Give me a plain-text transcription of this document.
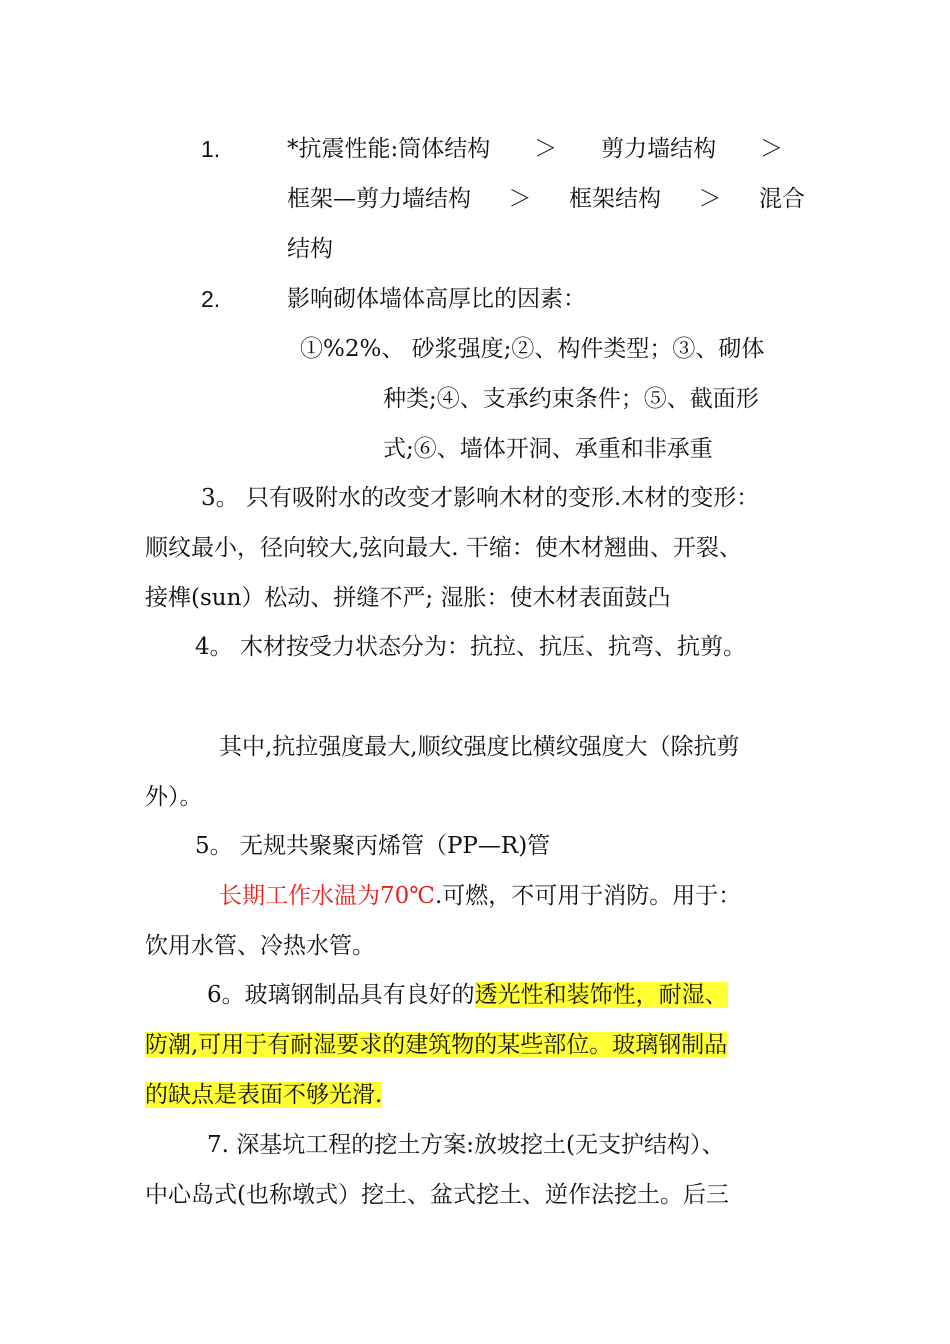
1.	*抗震性能:筒体结构 ＞ 剪力墙结构 ＞
框架—剪力墙结构 ＞ 框架结构 ＞ 混合
结构
2.	影响砌体墙体高厚比的因素：
①%2%、 砂浆强度;②、构件类型；③、砌体
种类;④、支承约束条件；⑤、截面形
式;⑥、墙体开洞、承重和非承重
3。 只有吸附水的改变才影响木材的变形.木材的变形：
顺纹最小，径向较大,弦向最大. 干缩：使木材翘曲、开裂、
接榫(sun）松动、拼缝不严; 湿胀：使木材表面鼓凸
4。 木材按受力状态分为：抗拉、抗压、抗弯、抗剪。
其中,抗拉强度最大,顺纹强度比横纹强度大（除抗剪
外）。
5。 无规共聚聚丙烯管（PP—R)管
长期工作水温为70℃.可燃，不可用于消防。用于：
饮用水管、冷热水管。
6。玻璃钢制品具有良好的透光性和装饰性，耐湿、
防潮,可用于有耐湿要求的建筑物的某些部位。玻璃钢制品
的缺点是表面不够光滑.
7. 深基坑工程的挖土方案:放坡挖土(无支护结构）、
中心岛式(也称墩式）挖土、盆式挖土、逆作法挖土。后三
